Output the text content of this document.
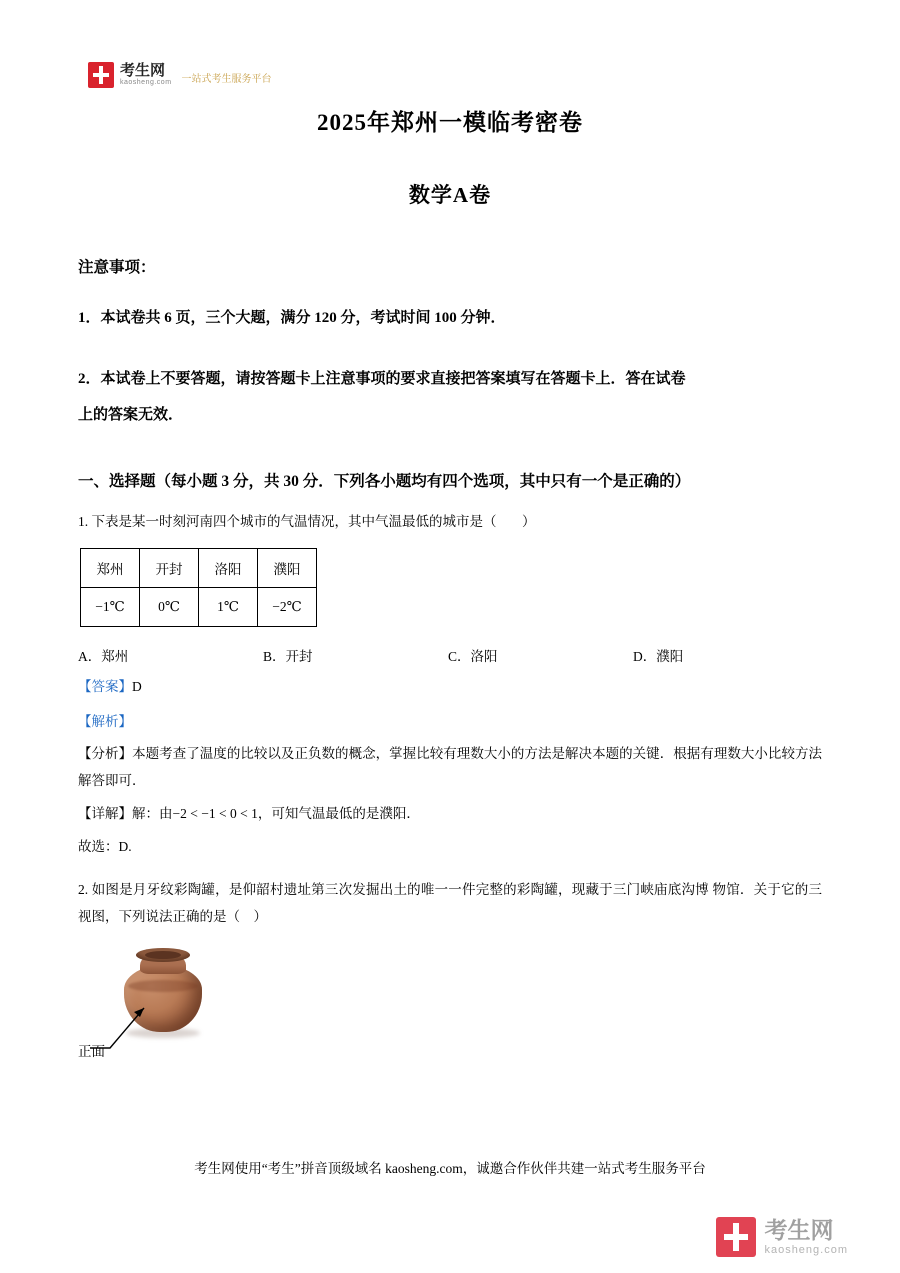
考生网
kaosheng.com 一站式考生服务平台
2025年郑州一模临考密卷
数学A卷
注意事项：
1．本试卷共 6 页，三个大题，满分 120 分，考试时间 100 分钟．
2．本试卷上不要答题，请按答题卡上注意事项的要求直接把答案填写在答题卡上．答在试卷
上的答案无效．
一、选择题（每小题 3 分，共 30 分．下列各小题均有四个选项，其中只有一个是正确的）
1. 下表是某一时刻河南四个城市的气温情况，其中气温最低的城市是（ ）
郑州	开封	洛阳	濮阳
−1℃	0℃	1℃	−2℃
A．郑州	B．开封	C．洛阳	D．濮阳
【答案】D
【解析】
【分析】本题考查了温度的比较以及正负数的概念，掌握比较有理数大小的方法是解决本题的关键．根据有理数大小比较方法解答即可．
【详解】解：由−2 < −1 < 0 < 1，可知气温最低的是濮阳．
故选：D.
2. 如图是月牙纹彩陶罐，是仰韶村遗址第三次发掘出土的唯一一件完整的彩陶罐，现藏于三门峡庙底沟博 物馆．关于它的三视图，下列说法正确的是（ ）
正面
考生网使用“考生”拼音顶级域名 kaosheng.com，诚邀合作伙伴共建一站式考生服务平台
考生网
kaosheng.com
